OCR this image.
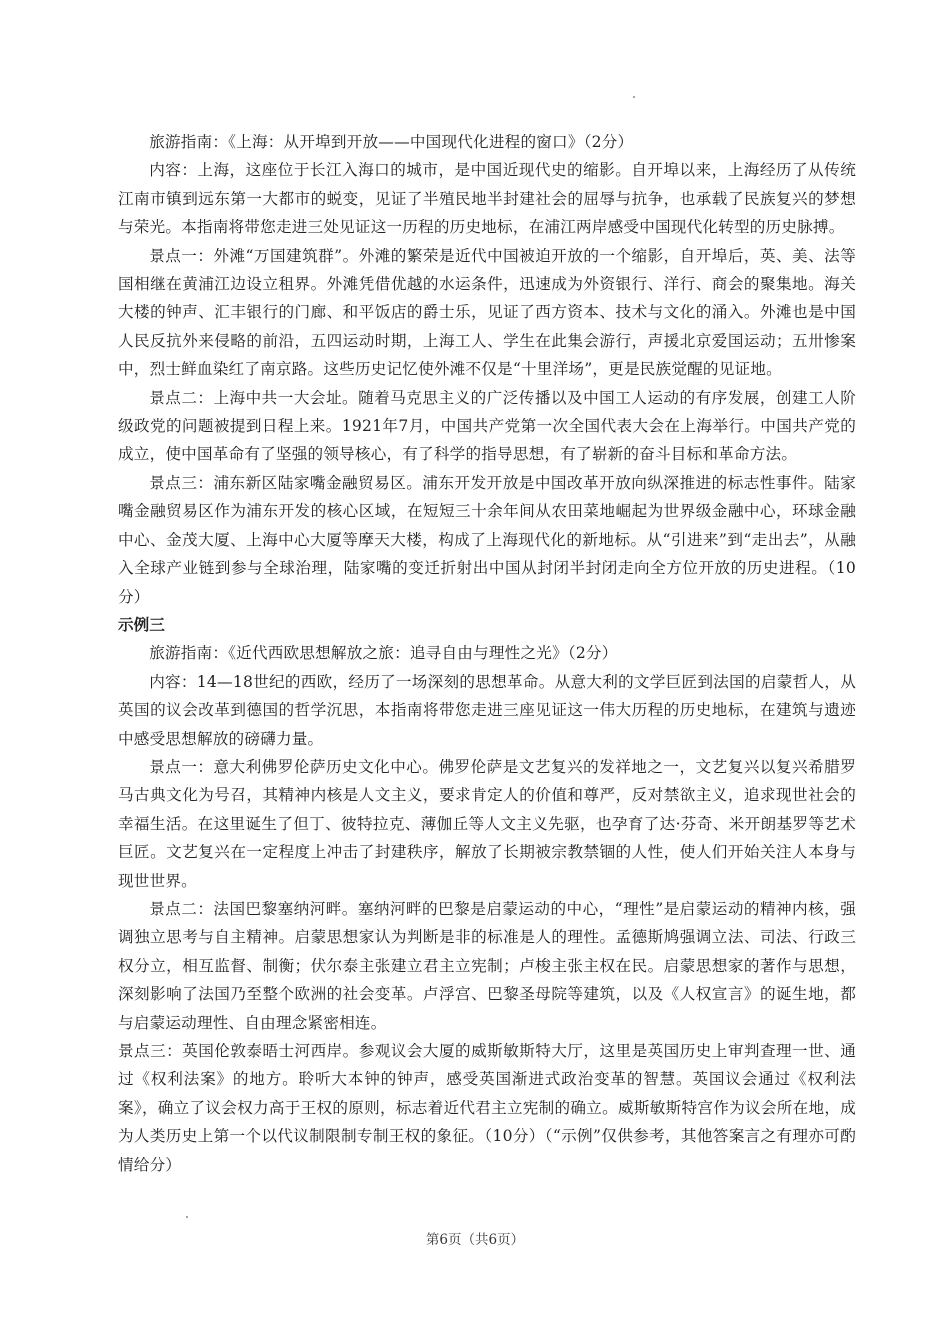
旅游指南：《上海：从开埠到开放——中国现代化进程的窗口》（2分）

内容：上海，这座位于长江入海口的城市，是中国近现代史的缩影。自开埠以来，上海经历了从传统江南市镇到远东第一大都市的蜕变，见证了半殖民地半封建社会的屈辱与抗争，也承载了民族复兴的梦想与荣光。本指南将带您走进三处见证这一历程的历史地标，在浦江两岸感受中国现代化转型的历史脉搏。

景点一：外滩“万国建筑群”。外滩的繁荣是近代中国被迫开放的一个缩影，自开埠后，英、美、法等国相继在黄浦江边设立租界。外滩凭借优越的水运条件，迅速成为外资银行、洋行、商会的聚集地。海关大楼的钟声、汇丰银行的门廊、和平饭店的爵士乐，见证了西方资本、技术与文化的涌入。外滩也是中国人民反抗外来侵略的前沿，五四运动时期，上海工人、学生在此集会游行，声援北京爱国运动；五卅惨案中，烈士鲜血染红了南京路。这些历史记忆使外滩不仅是“十里洋场”，更是民族觉醒的见证地。

景点二：上海中共一大会址。随着马克思主义的广泛传播以及中国工人运动的有序发展，创建工人阶级政党的问题被提到日程上来。1921年7月，中国共产党第一次全国代表大会在上海举行。中国共产党的成立，使中国革命有了坚强的领导核心，有了科学的指导思想，有了崭新的奋斗目标和革命方法。

景点三：浦东新区陆家嘴金融贸易区。浦东开发开放是中国改革开放向纵深推进的标志性事件。陆家嘴金融贸易区作为浦东开发的核心区域，在短短三十余年间从农田菜地崛起为世界级金融中心，环球金融中心、金茂大厦、上海中心大厦等摩天大楼，构成了上海现代化的新地标。从“引进来”到“走出去”，从融入全球产业链到参与全球治理，陆家嘴的变迁折射出中国从封闭半封闭走向全方位开放的历史进程。（10分）

示例三

旅游指南：《近代西欧思想解放之旅：追寻自由与理性之光》（2分）

内容：14—18世纪的西欧，经历了一场深刻的思想革命。从意大利的文学巨匠到法国的启蒙哲人，从英国的议会改革到德国的哲学沉思，本指南将带您走进三座见证这一伟大历程的历史地标，在建筑与遗迹中感受思想解放的磅礴力量。

景点一：意大利佛罗伦萨历史文化中心。佛罗伦萨是文艺复兴的发祥地之一，文艺复兴以复兴希腊罗马古典文化为号召，其精神内核是人文主义，要求肯定人的价值和尊严，反对禁欲主义，追求现世社会的幸福生活。在这里诞生了但丁、彼特拉克、薄伽丘等人文主义先驱，也孕育了达·芬奇、米开朗基罗等艺术巨匠。文艺复兴在一定程度上冲击了封建秩序，解放了长期被宗教禁锢的人性，使人们开始关注人本身与现世世界。

景点二：法国巴黎塞纳河畔。塞纳河畔的巴黎是启蒙运动的中心，“理性”是启蒙运动的精神内核，强调独立思考与自主精神。启蒙思想家认为判断是非的标准是人的理性。孟德斯鸠强调立法、司法、行政三权分立，相互监督、制衡；伏尔泰主张建立君主立宪制；卢梭主张主权在民。启蒙思想家的著作与思想，深刻影响了法国乃至整个欧洲的社会变革。卢浮宫、巴黎圣母院等建筑，以及《人权宣言》的诞生地，都与启蒙运动理性、自由理念紧密相连。

景点三：英国伦敦泰晤士河西岸。参观议会大厦的威斯敏斯特大厅，这里是英国历史上审判查理一世、通过《权利法案》的地方。聆听大本钟的钟声，感受英国渐进式政治变革的智慧。英国议会通过《权利法案》，确立了议会权力高于王权的原则，标志着近代君主立宪制的确立。威斯敏斯特宫作为议会所在地，成为人类历史上第一个以代议制限制专制王权的象征。（10分）（“示例”仅供参考，其他答案言之有理亦可酌情给分）

第6页（共6页）
